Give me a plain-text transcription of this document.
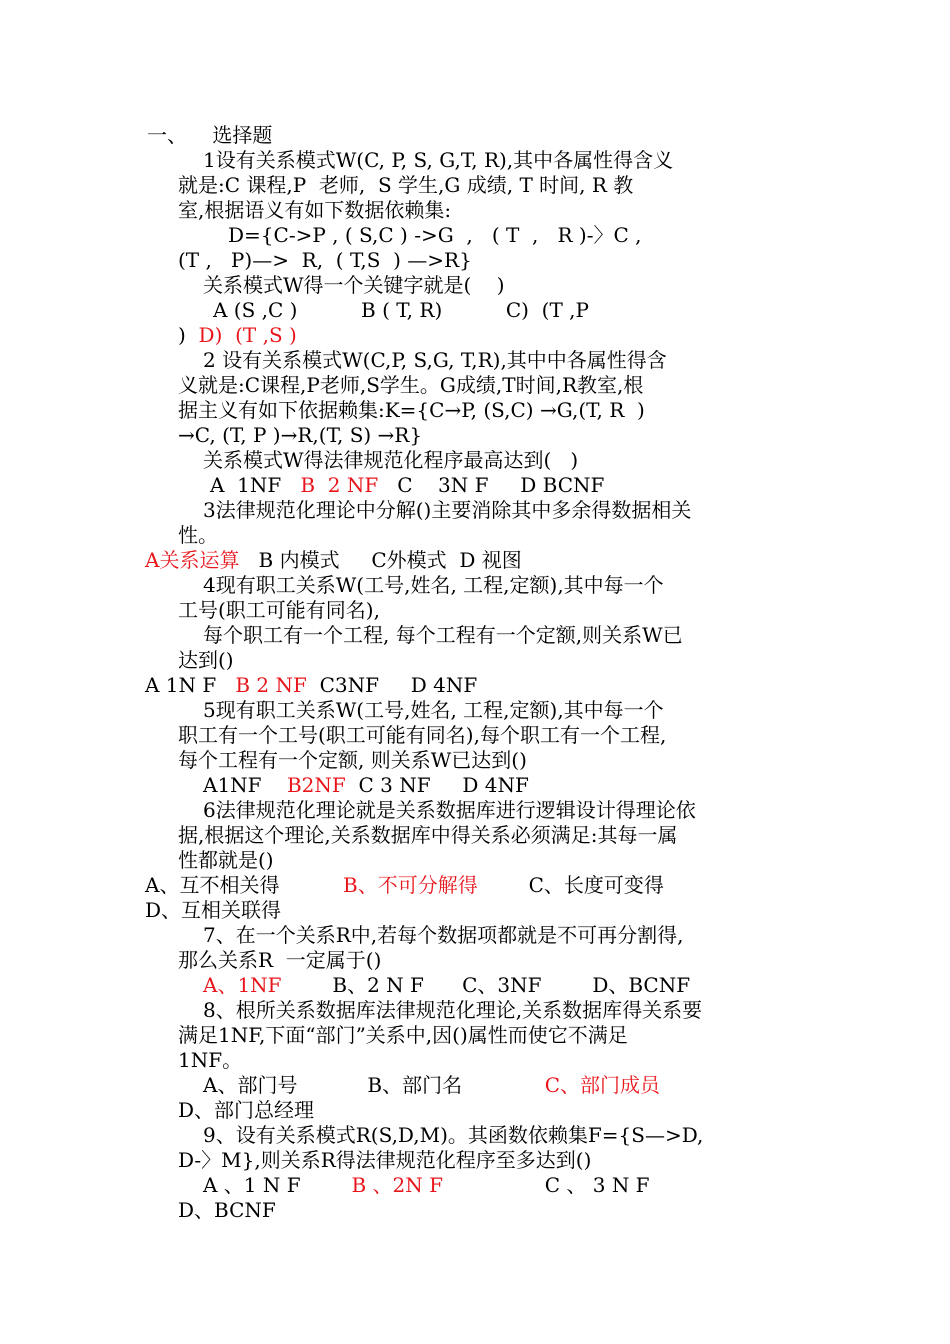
一、    选择题
1设有关系模式W(C, P, S, G,T, R),其中各属性得含义
就是:C 课程,P  老师,  S 学生,G 成绩, T 时间, R 教
室,根据语义有如下数据依赖集:
D={C->P , ( S,C ) ->G  ,   ( T  ,   R )-〉C ,
(T ,   P)—>  R,  ( T,S  ) —>R}
关系模式W得一个关键字就是(    )
A (S ,C )          B ( T, R)          C)  (T ,P
)  D)  (T ,S )
2 设有关系模式W(C,P, S,G, T,R),其中中各属性得含
义就是:C课程,P老师,S学生。G成绩,T时间,R教室,根
据主义有如下依据赖集:K={C→P, (S,C) →G,(T, R  )
→C, (T, P )→R,(T, S) →R}
关系模式W得法律规范化程序最高达到(   )
A  1NF   B  2 NF   C    3N F     D BCNF
3法律规范化理论中分解()主要消除其中多余得数据相关
性。
A关系运算   B 内模式     C外模式  D 视图
4现有职工关系W(工号,姓名, 工程,定额),其中每一个
工号(职工可能有同名),
每个职工有一个工程, 每个工程有一个定额,则关系W已
达到()
A 1N F   B 2 NF  C3NF     D 4NF
5现有职工关系W(工号,姓名, 工程,定额),其中每一个
职工有一个工号(职工可能有同名),每个职工有一个工程,
每个工程有一个定额, 则关系W已达到()
A1NF    B2NF  C 3 NF     D 4NF
6法律规范化理论就是关系数据库进行逻辑设计得理论依
据,根据这个理论,关系数据库中得关系必须满足:其每一属
性都就是()
A、互不相关得          B、不可分解得        C、长度可变得
D、互相关联得
7、在一个关系R中,若每个数据项都就是不可再分割得,
那么关系R  一定属于()
A、1NF        B、2 N F      C、3NF        D、BCNF
8、根所关系数据库法律规范化理论,关系数据库得关系要
满足1NF,下面“部门”关系中,因()属性而使它不满足
1NF。
A、部门号           B、部门名             C、部门成员
D、部门总经理
9、设有关系模式R(S,D,M)。其函数依赖集F={S—>D,
D-〉M},则关系R得法律规范化程序至多达到()
A 、1 N F        B 、2N F                C 、 3 N F
D、BCNF
